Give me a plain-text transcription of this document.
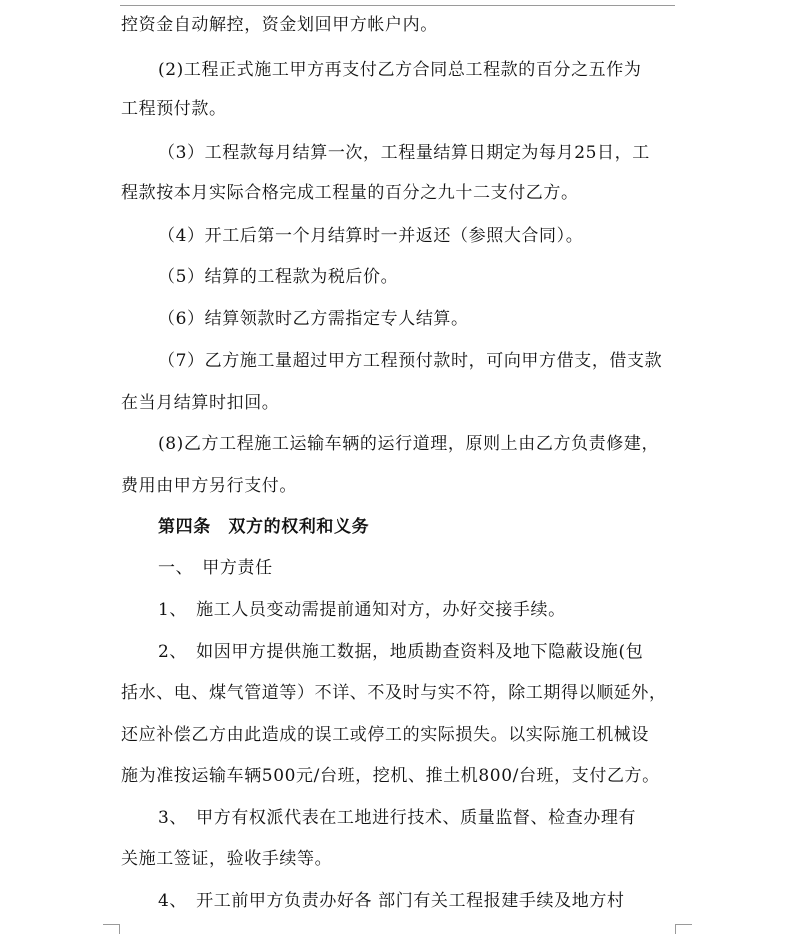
控资金自动解控，资金划回甲方帐户内。
(2)工程正式施工甲方再支付乙方合同总工程款的百分之五作为
工程预付款。
（3）工程款每月结算一次，工程量结算日期定为每月25日，工
程款按本月实际合格完成工程量的百分之九十二支付乙方。
（4）开工后第一个月结算时一并返还（参照大合同）。
（5）结算的工程款为税后价。
（6）结算领款时乙方需指定专人结算。
（7）乙方施工量超过甲方工程预付款时，可向甲方借支，借支款
在当月结算时扣回。
(8)乙方工程施工运输车辆的运行道理，原则上由乙方负责修建，
费用由甲方另行支付。
第四条　双方的权利和义务
一、　甲方责任
1、　施工人员变动需提前通知对方，办好交接手续。
2、　如因甲方提供施工数据，地质勘查资料及地下隐蔽设施(包
括水、电、煤气管道等）不详、不及时与实不符，除工期得以顺延外，
还应补偿乙方由此造成的误工或停工的实际损失。以实际施工机械设
施为准按运输车辆500元/台班，挖机、推土机800/台班，支付乙方。
3、　甲方有权派代表在工地进行技术、质量监督、检查办理有
关施工签证，验收手续等。
4、　开工前甲方负责办好各 部门有关工程报建手续及地方村
